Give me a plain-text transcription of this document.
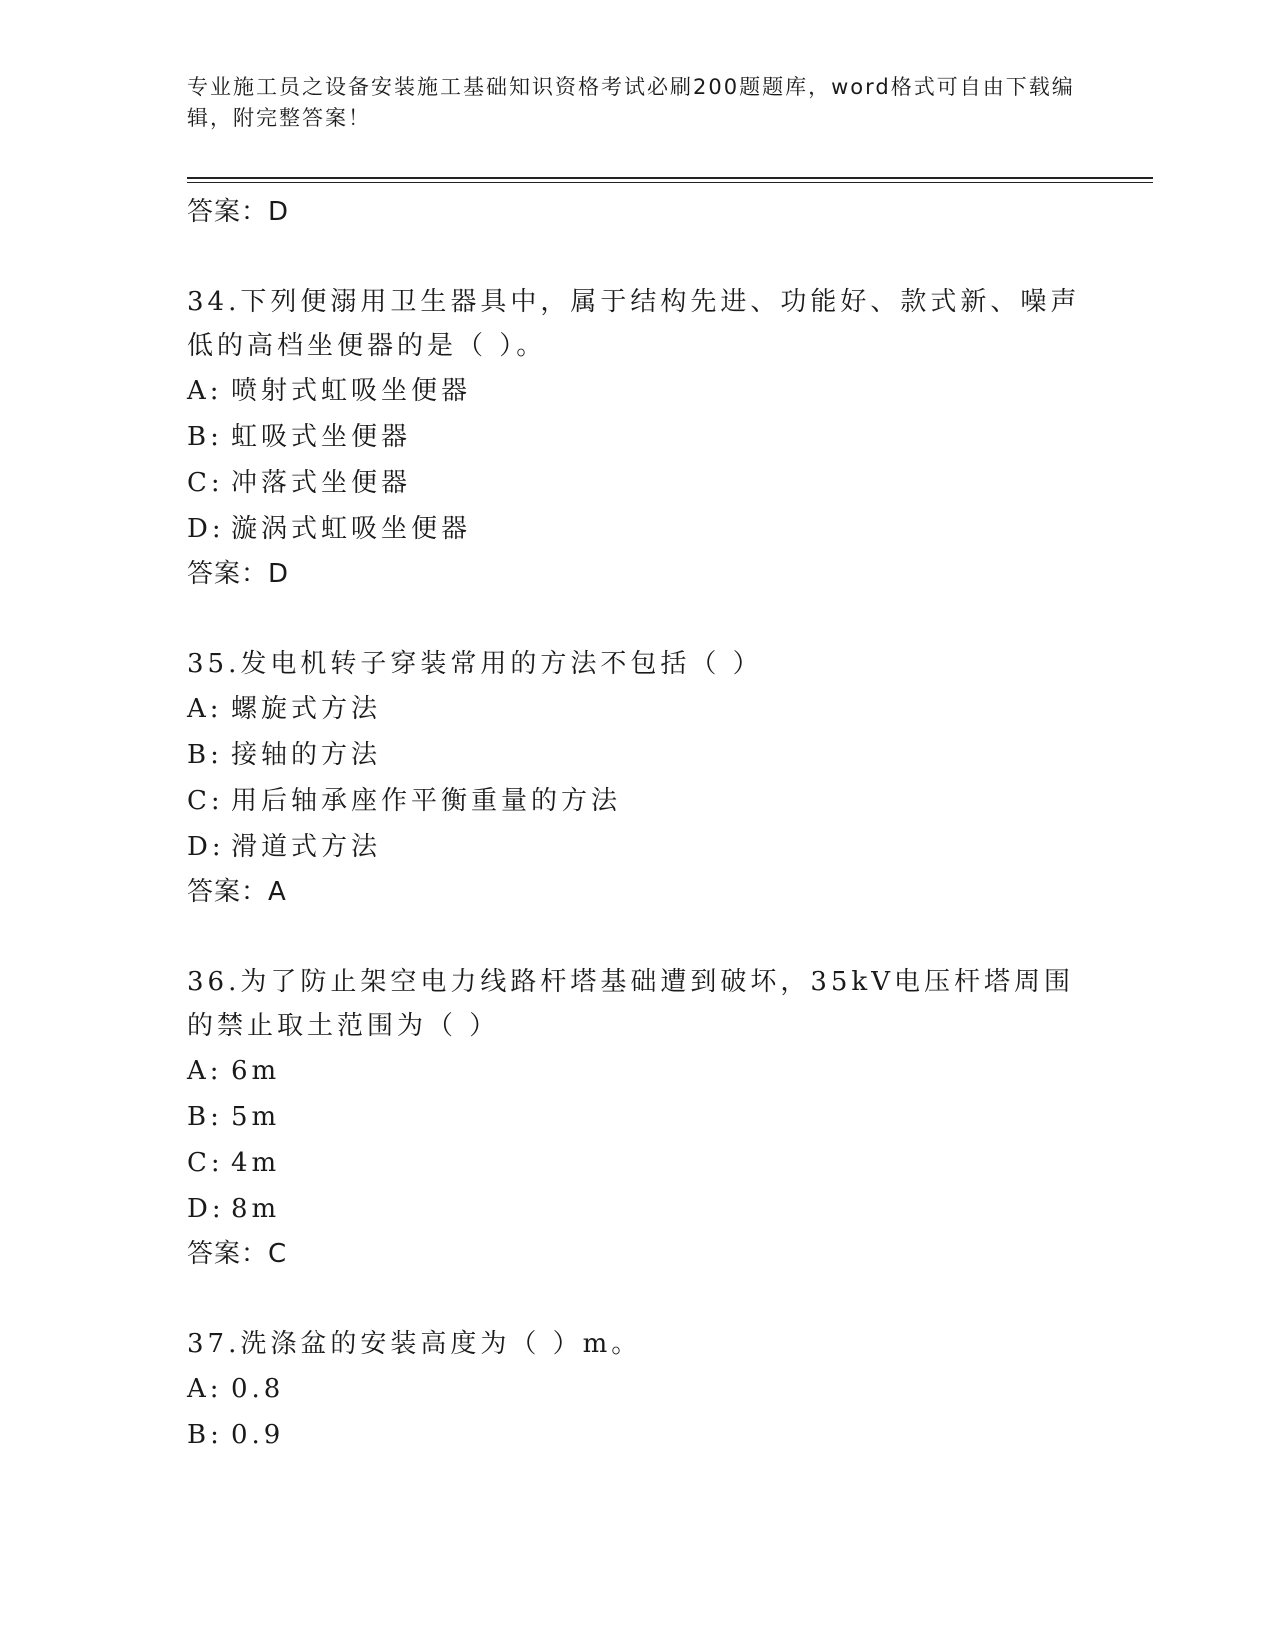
专业施工员之设备安装施工基础知识资格考试必刷200题题库，word格式可自由下载编辑，附完整答案！
答案：D
34.下列便溺用卫生器具中，属于结构先进、功能好、款式新、噪声低的高档坐便器的是（ ）。
A: 喷射式虹吸坐便器
B: 虹吸式坐便器
C: 冲落式坐便器
D: 漩涡式虹吸坐便器
答案：D
35.发电机转子穿装常用的方法不包括（ ）
A: 螺旋式方法
B: 接轴的方法
C: 用后轴承座作平衡重量的方法
D: 滑道式方法
答案：A
36.为了防止架空电力线路杆塔基础遭到破坏，35kV电压杆塔周围的禁止取土范围为（ ）
A: 6m
B: 5m
C: 4m
D: 8m
答案：C
37.洗涤盆的安装高度为（ ）m。
A: 0.8
B: 0.9
